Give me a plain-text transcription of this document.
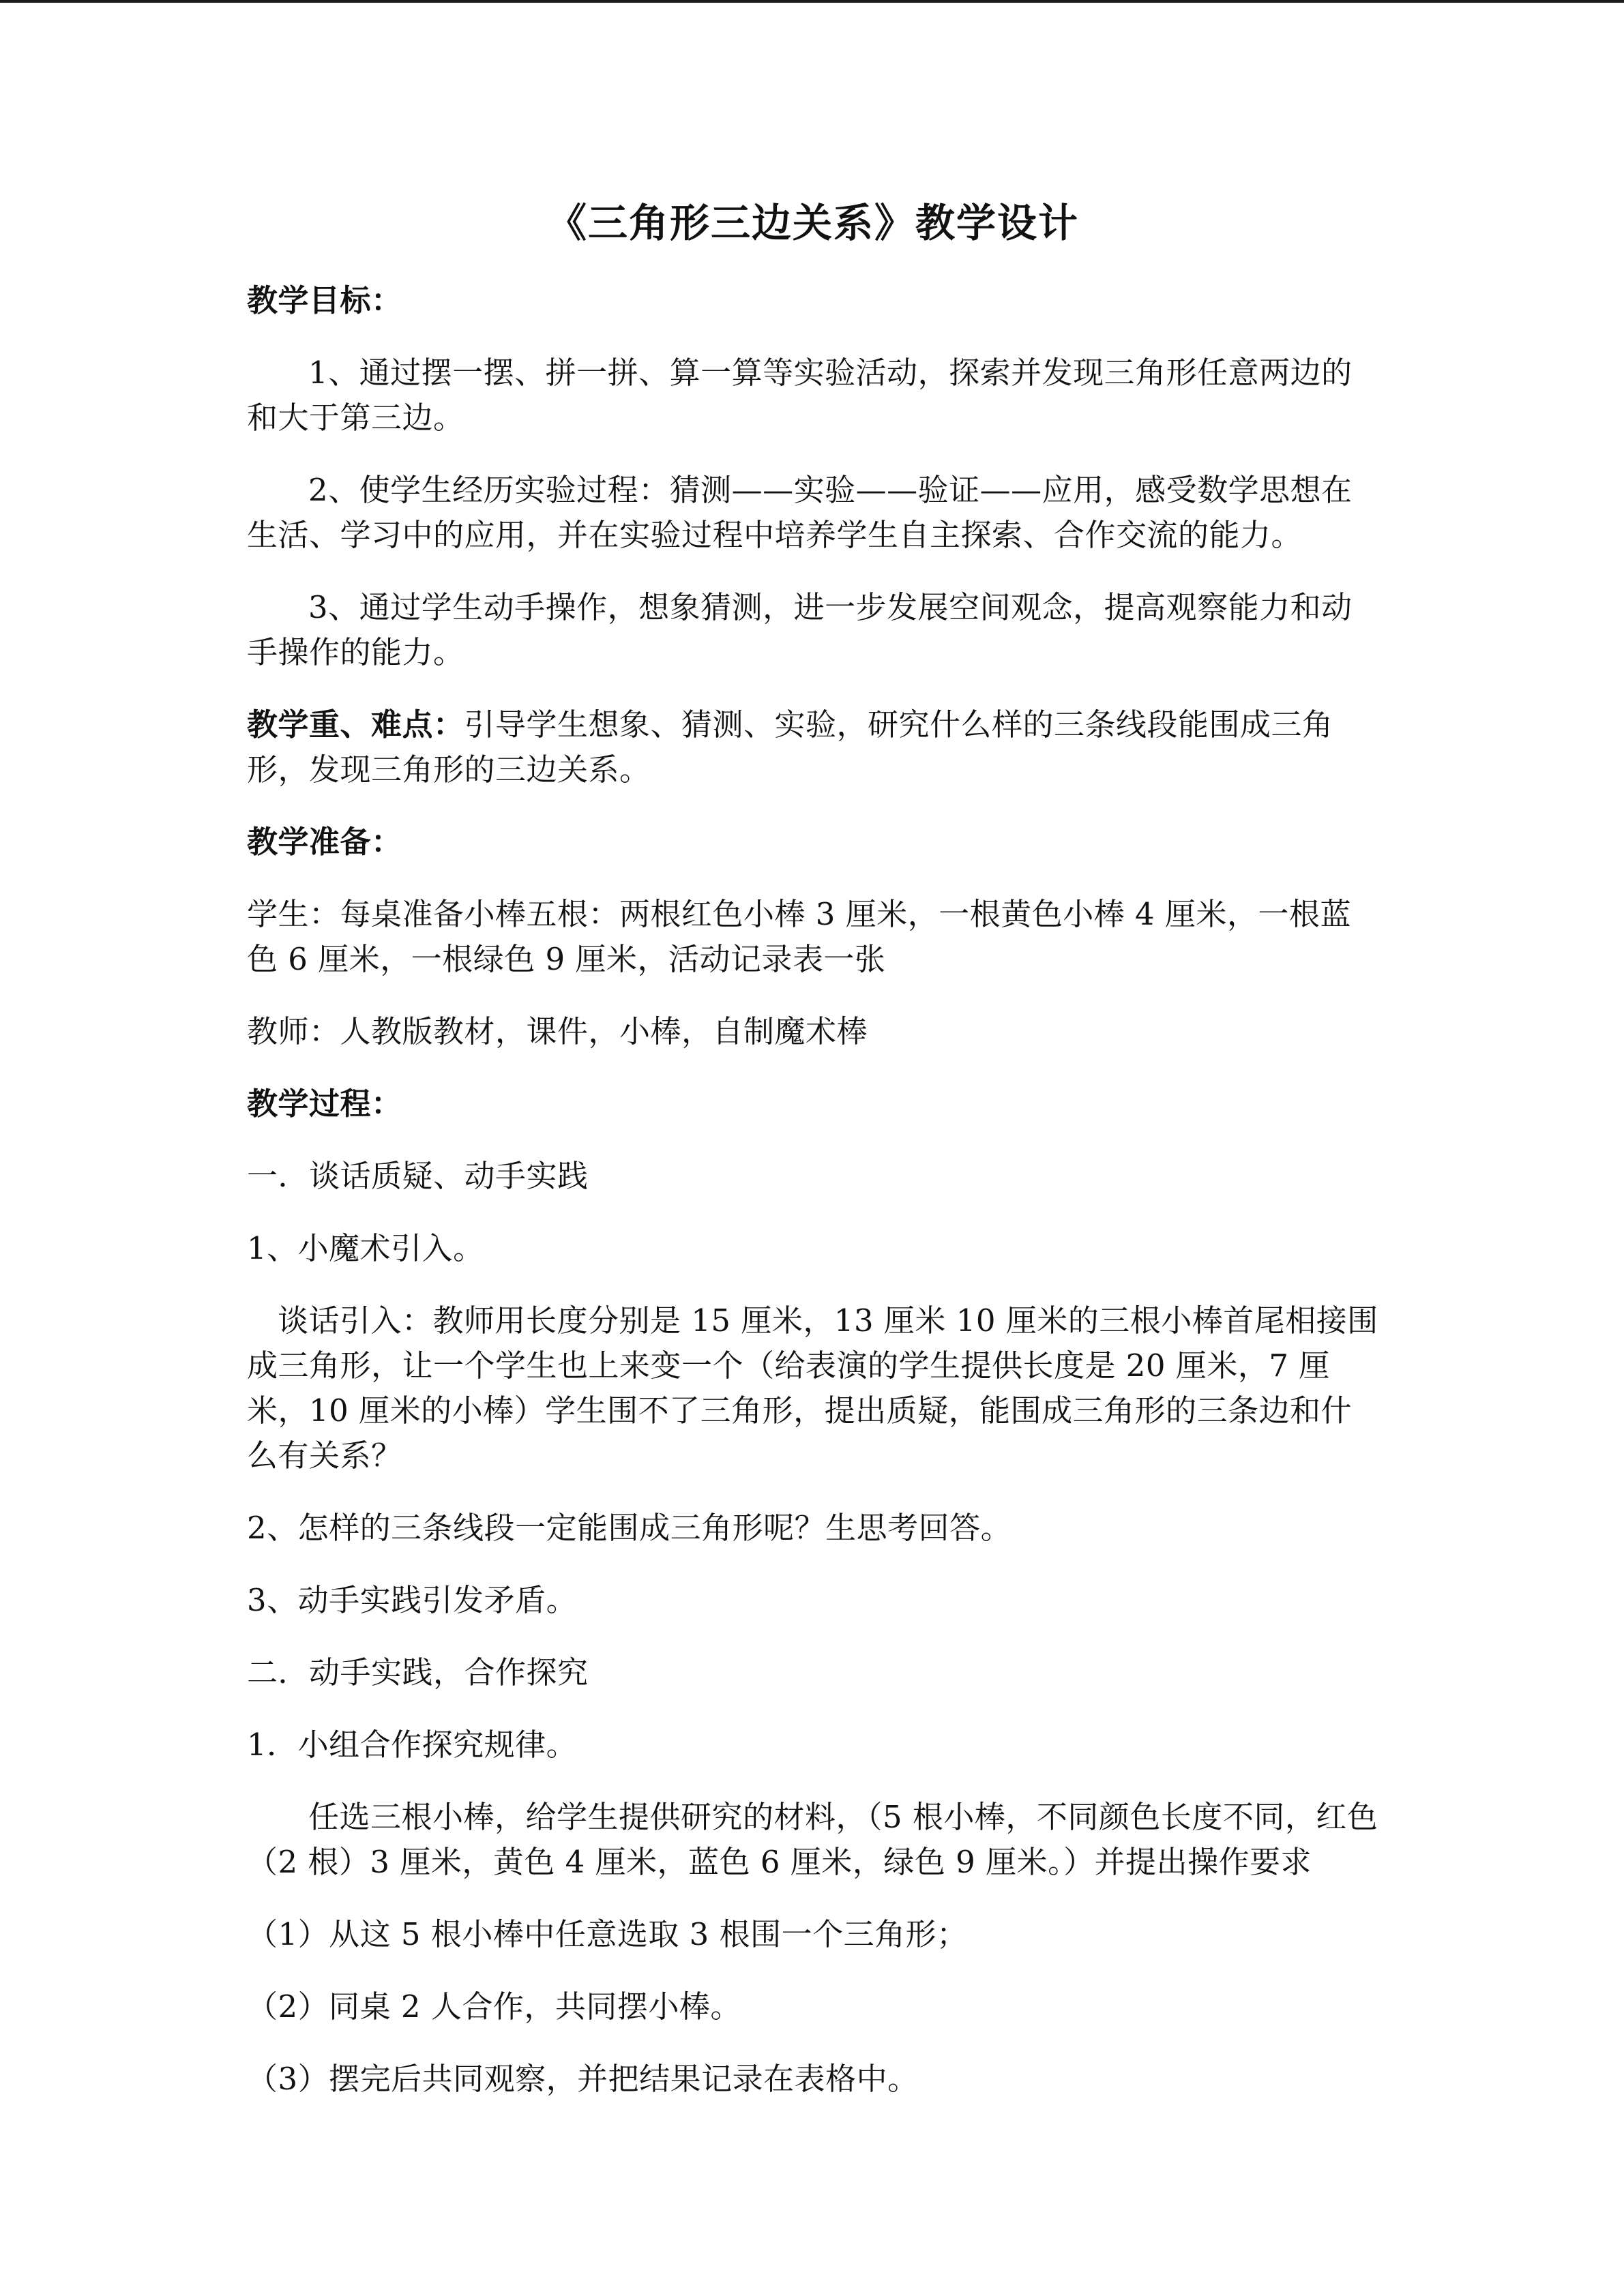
《三角形三边关系》教学设计
教学目标：
1、通过摆一摆、拼一拼、算一算等实验活动，探索并发现三角形任意两边的和大于第三边。
2、使学生经历实验过程：猜测——实验——验证——应用，感受数学思想在生活、学习中的应用，并在实验过程中培养学生自主探索、合作交流的能力。
3、通过学生动手操作，想象猜测，进一步发展空间观念，提高观察能力和动手操作的能力。
教学重、难点：引导学生想象、猜测、实验，研究什么样的三条线段能围成三角形，发现三角形的三边关系。
教学准备：
学生：每桌准备小棒五根：两根红色小棒 3 厘米，一根黄色小棒 4 厘米，一根蓝色 6 厘米，一根绿色 9 厘米，活动记录表一张
教师：人教版教材，课件，小棒，自制魔术棒
教学过程：
一．谈话质疑、动手实践
1、小魔术引入。
谈话引入：教师用长度分别是 15 厘米，13 厘米 10 厘米的三根小棒首尾相接围成三角形，让一个学生也上来变一个（给表演的学生提供长度是 20 厘米，7 厘米，10 厘米的小棒）学生围不了三角形，提出质疑，能围成三角形的三条边和什么有关系？
2、怎样的三条线段一定能围成三角形呢？生思考回答。
3、动手实践引发矛盾。
二．动手实践，合作探究
1．小组合作探究规律。
任选三根小棒，给学生提供研究的材料，（5 根小棒，不同颜色长度不同，红色（2 根）3 厘米，黄色 4 厘米，蓝色 6 厘米，绿色 9 厘米。）并提出操作要求
（1）从这 5 根小棒中任意选取 3 根围一个三角形；
（2）同桌 2 人合作，共同摆小棒。
（3）摆完后共同观察，并把结果记录在表格中。
